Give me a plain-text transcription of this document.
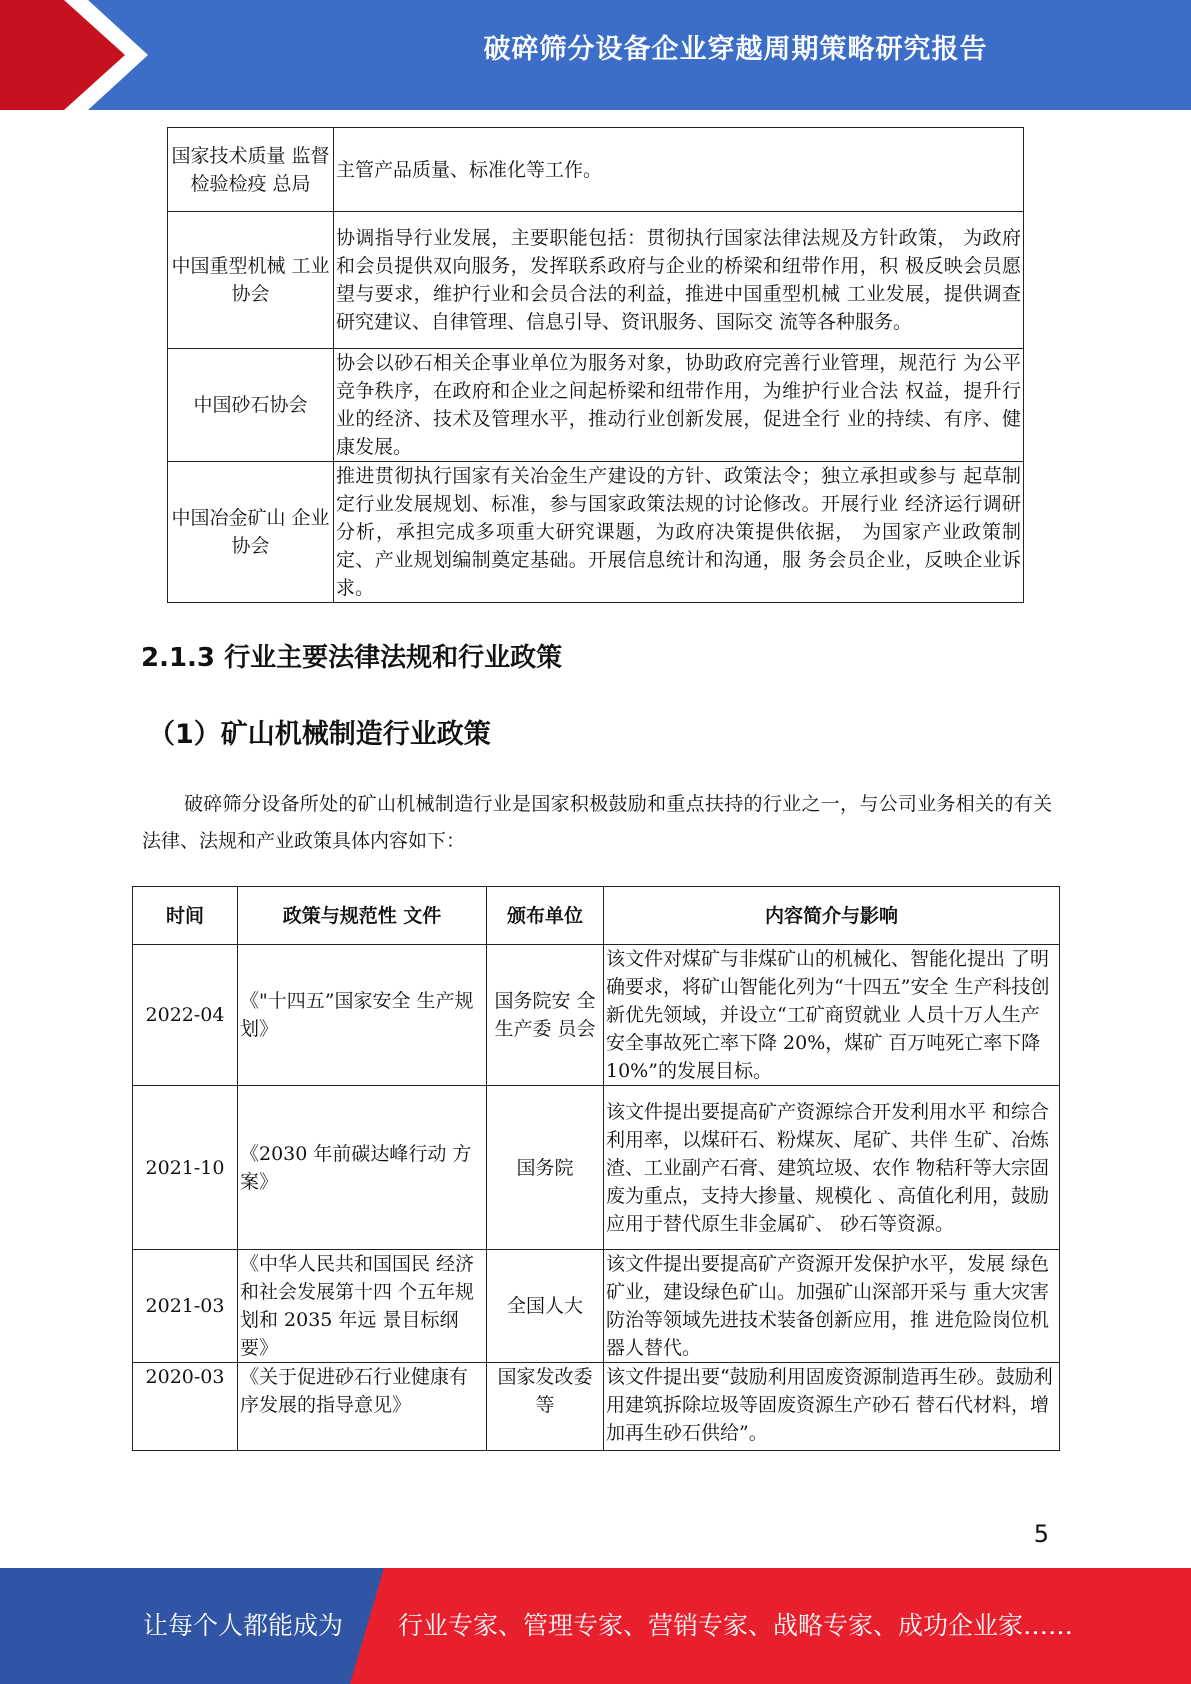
破碎筛分设备企业穿越周期策略研究报告
国家技术质量 监督检验检疫 总局	主管产品质量、标准化等工作。
中国重型机械 工业协会	协调指导行业发展，主要职能包括：贯彻执行国家法律法规及方针政策， 为政府和会员提供双向服务，发挥联系政府与企业的桥梁和纽带作用，积 极反映会员愿望与要求，维护行业和会员合法的利益，推进中国重型机械 工业发展，提供调查研究建议、自律管理、信息引导、资讯服务、国际交 流等各种服务。
中国砂石协会	协会以砂石相关企事业单位为服务对象，协助政府完善行业管理，规范行 为公平竞争秩序，在政府和企业之间起桥梁和纽带作用，为维护行业合法 权益，提升行业的经济、技术及管理水平，推动行业创新发展，促进全行 业的持续、有序、健康发展。
中国冶金矿山 企业协会	推进贯彻执行国家有关冶金生产建设的方针、政策法令；独立承担或参与 起草制定行业发展规划、标准，参与国家政策法规的讨论修改。开展行业 经济运行调研分析，承担完成多项重大研究课题，为政府决策提供依据， 为国家产业政策制定、产业规划编制奠定基础。开展信息统计和沟通，服 务会员企业，反映企业诉求。
2.1.3 行业主要法律法规和行业政策
（1）矿山机械制造行业政策
破碎筛分设备所处的矿山机械制造行业是国家积极鼓励和重点扶持的行业之一，与公司业务相关的有关法律、法规和产业政策具体内容如下：
时间	政策与规范性 文件	颁布单位	内容简介与影响
2022-04	《"十四五”国家安全 生产规划》	国务院安 全生产委 员会	该文件对煤矿与非煤矿山的机械化、智能化提出 了明确要求，将矿山智能化列为“十四五”安全 生产科技创新优先领域，并设立“工矿商贸就业 人员十万人生产安全事故死亡率下降 20%，煤矿 百万吨死亡率下降 10%”的发展目标。
2021-10	《2030 年前碳达峰行动 方案》	国务院	该文件提出要提高矿产资源综合开发利用水平 和综合利用率，以煤矸石、粉煤灰、尾矿、共伴 生矿、冶炼渣、工业副产石膏、建筑垃圾、农作 物秸秆等大宗固废为重点，支持大掺量、规模化 、高值化利用，鼓励应用于替代原生非金属矿、 砂石等资源。
2021-03	《中华人民共和国国民 经济和社会发展第十四 个五年规划和 2035 年远 景目标纲要》	全国人大	该文件提出要提高矿产资源开发保护水平，发展 绿色矿业，建设绿色矿山。加强矿山深部开采与 重大灾害防治等领域先进技术装备创新应用，推 进危险岗位机器人替代。
2020-03	《关于促进砂石行业健康有序发展的指导意见》	国家发改委等	该文件提出要“鼓励利用固废资源制造再生砂。鼓励利用建筑拆除垃圾等固废资源生产砂石 替石代材料，增加再生砂石供给”。
5
让每个人都能成为 行业专家、管理专家、营销专家、战略专家、成功企业家……
